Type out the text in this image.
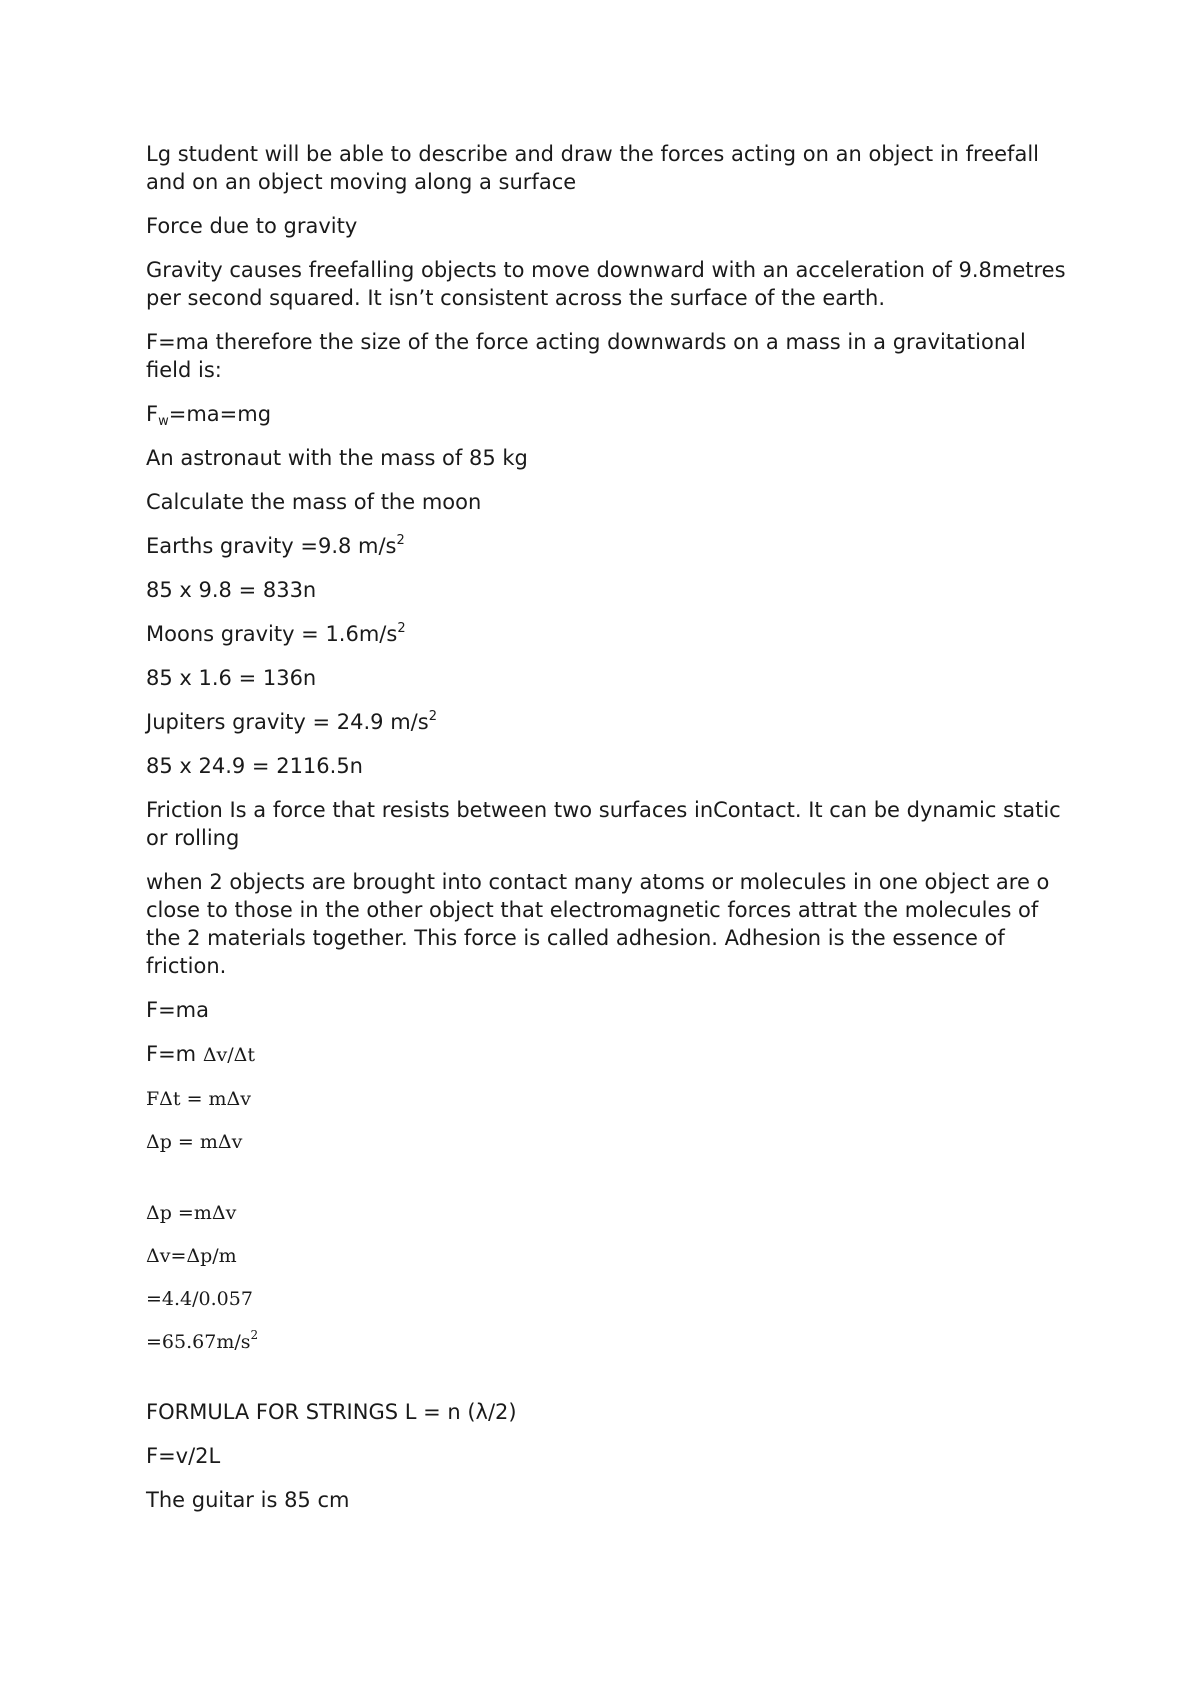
Lg student will be able to describe and draw the forces acting on an object in freefall and on an object moving along a surface

Force due to gravity

Gravity causes freefalling objects to move downward with an acceleration of 9.8metres per second squared. It isn’t consistent across the surface of the earth.

F=ma therefore the size of the force acting downwards on a mass in a gravitational field is:

$F_w=ma=mg$

An astronaut with the mass of 85 kg

Calculate the mass of the moon

Earths gravity =9.8 $m/s^2$

85 x 9.8 = 833n

Moons gravity = $1.6m/s^2$

85 x 1.6 = 136n

Jupiters gravity = 24.9 $m/s^2$

85 x 24.9 = 2116.5n

Friction Is a force that resists between two surfaces inContact. It can be dynamic static or rolling

when 2 objects are brought into contact many atoms or molecules in one object are o close to those in the other object that electromagnetic forces attrat the molecules of the 2 materials together. This force is called adhesion. Adhesion is the essence of friction.

F=ma

F=m Δv/Δt

FΔt = mΔv

Δp = mΔv

Δp =mΔv

Δv=Δp/m

=4.4/0.057

$=65.67m/s^2$

FORMULA FOR STRINGS L = n (λ/2)

F=v/2L

The guitar is 85 cm
